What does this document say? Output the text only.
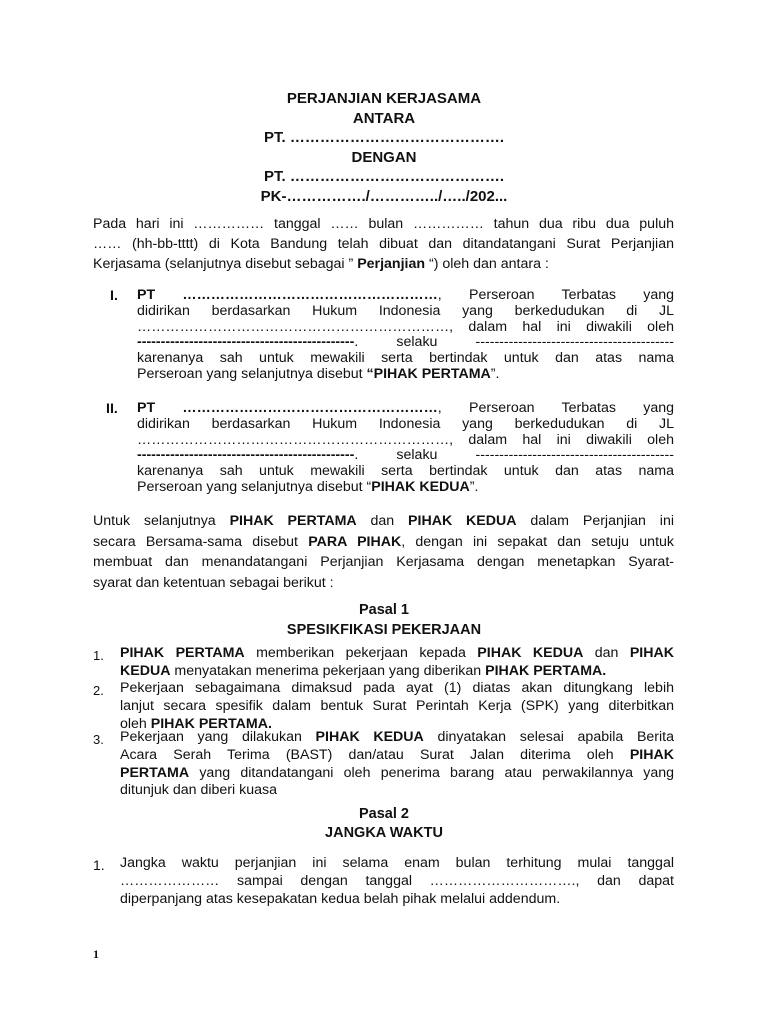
PERJANJIAN KERJASAMA
ANTARA
PT. …………………………………….
DENGAN
PT. …………………………………….
PK-……………./…………../…../202...
Pada hari ini …………… tanggal …… bulan …………… tahun dua ribu dua puluh
…… (hh-bb-tttt) di Kota Bandung telah dibuat dan ditandatangani Surat Perjanjian
Kerjasama (selanjutnya disebut sebagai ” Perjanjian “) oleh dan antara :
I. PT ………………………………………………, Perseroan Terbatas yang
didirikan berdasarkan Hukum Indonesia yang berkedudukan di JL
…………………………………………………………, dalam hal ini diwakili oleh
----------------------------------------------. selaku ------------------------------------------
karenanya sah untuk mewakili serta bertindak untuk dan atas nama
Perseroan yang selanjutnya disebut “PIHAK PERTAMA”.
II. PT ………………………………………………, Perseroan Terbatas yang
didirikan berdasarkan Hukum Indonesia yang berkedudukan di JL
…………………………………………………………, dalam hal ini diwakili oleh
----------------------------------------------. selaku ------------------------------------------
karenanya sah untuk mewakili serta bertindak untuk dan atas nama
Perseroan yang selanjutnya disebut “PIHAK KEDUA”.
Untuk selanjutnya PIHAK PERTAMA dan PIHAK KEDUA dalam Perjanjian ini
secara Bersama-sama disebut PARA PIHAK, dengan ini sepakat dan setuju untuk
membuat dan menandatangani Perjanjian Kerjasama dengan menetapkan Syarat-
syarat dan ketentuan sebagai berikut :
Pasal 1
SPESIKFIKASI PEKERJAAN
1. PIHAK PERTAMA memberikan pekerjaan kepada PIHAK KEDUA dan PIHAK
KEDUA menyatakan menerima pekerjaan yang diberikan PIHAK PERTAMA.
2. Pekerjaan sebagaimana dimaksud pada ayat (1) diatas akan ditungkang lebih
lanjut secara spesifik dalam bentuk Surat Perintah Kerja (SPK) yang diterbitkan
oleh PIHAK PERTAMA.
3. Pekerjaan yang dilakukan PIHAK KEDUA dinyatakan selesai apabila Berita
Acara Serah Terima (BAST) dan/atau Surat Jalan diterima oleh PIHAK
PERTAMA yang ditandatangani oleh penerima barang atau perwakilannya yang
ditunjuk dan diberi kuasa
Pasal 2
JANGKA WAKTU
1. Jangka waktu perjanjian ini selama enam bulan terhitung mulai tanggal
………………… sampai dengan tanggal …………………………., dan dapat
diperpanjang atas kesepakatan kedua belah pihak melalui addendum.
1
